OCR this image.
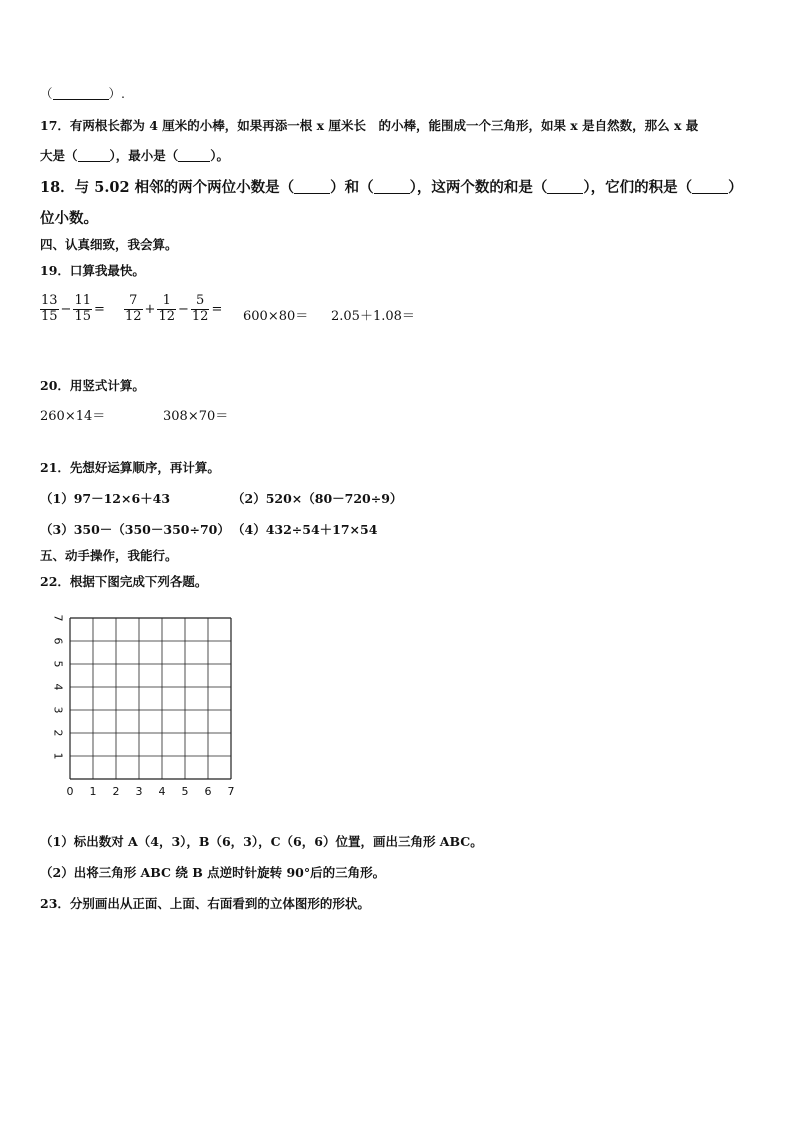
（	）.
17．有两根长都为 4 厘米的小棒，如果再添一根 x 厘米长　的小棒，能围成一个三角形，如果 x 是自然数，那么 x 最
大是（	），最小是（	）。
18．与 5.02 相邻的两个两位小数是（ ）和（ ），这两个数的和是（ ），它们的积是（ ）
位小数。
四、认真细致，我会算。
19．口算我最快。
$\frac{13}{15} - \frac{11}{15} = \frac{7}{12} + \frac{1}{12} - \frac{5}{12} = 600\times 80= 2.05+1.08=$
20．用竖式计算。
260×14＝	308×70＝
21．先想好运算顺序，再计算。
（1）97－12×6＋43	（2）520×（80－720÷9）
（3）350－（350－350÷70） （4）432÷54＋17×54
五、动手操作，我能行。
22．根据下图完成下列各题。
0 1 2 3 4 5 6 7
1
2
3
4
5
6
7
（1）标出数对 A（4，3），B（6，3），C（6，6）位置，画出三角形 ABC。
（2）出将三角形 ABC 绕 B 点逆时针旋转 90°后的三角形。
23．分别画出从正面、上面、右面看到的立体图形的形状。
